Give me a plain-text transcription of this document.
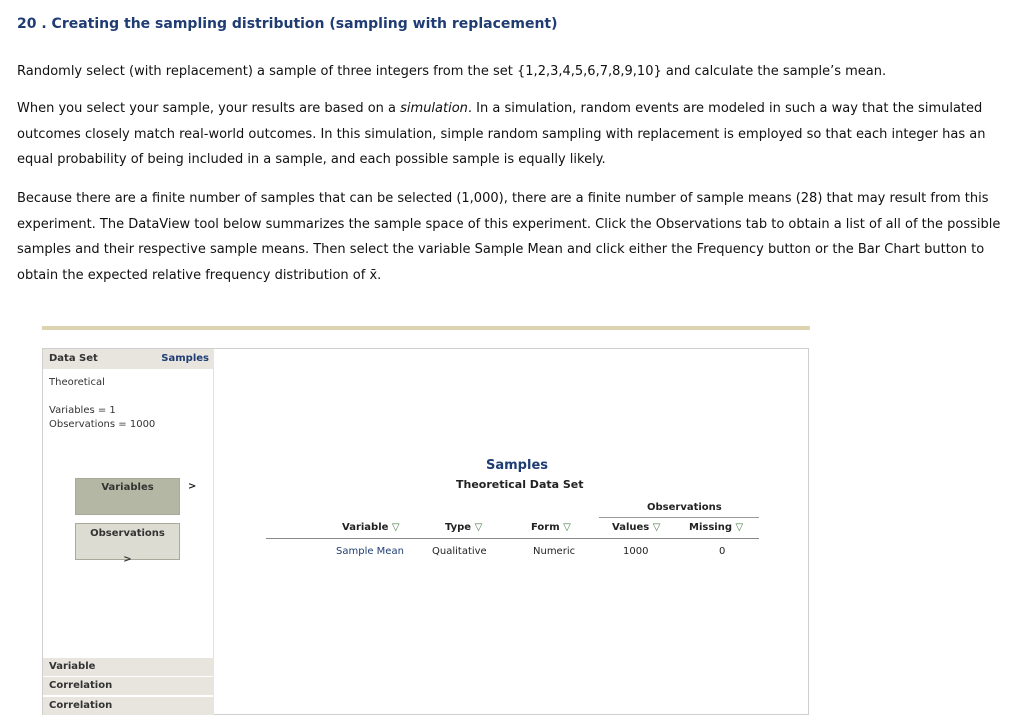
20 . Creating the sampling distribution (sampling with replacement)

Randomly select (with replacement) a sample of three integers from the set {1,2,3,4,5,6,7,8,9,10} and calculate the sample’s mean.

When you select your sample, your results are based on a simulation. In a simulation, random events are modeled in such a way that the simulated outcomes closely match real-world outcomes. In this simulation, simple random sampling with replacement is employed so that each integer has an equal probability of being included in a sample, and each possible sample is equally likely.

Because there are a finite number of samples that can be selected (1,000), there are a finite number of sample means (28) that may result from this experiment. The DataView tool below summarizes the sample space of this experiment. Click the Observations tab to obtain a list of all of the possible samples and their respective sample means. Then select the variable Sample Mean and click either the Frequency button or the Bar Chart button to obtain the expected relative frequency distribution of x̄.

Data Set	Samples
Theoretical
Variables = 1
Observations = 1000
Variables	>
Observations

>
Variable
Correlation
Correlation
Samples
Theoretical Data Set
Observations
Variable ▽	Type ▽	Form ▽	Values ▽	Missing ▽
Sample Mean	Qualitative	Numeric	1000	0
